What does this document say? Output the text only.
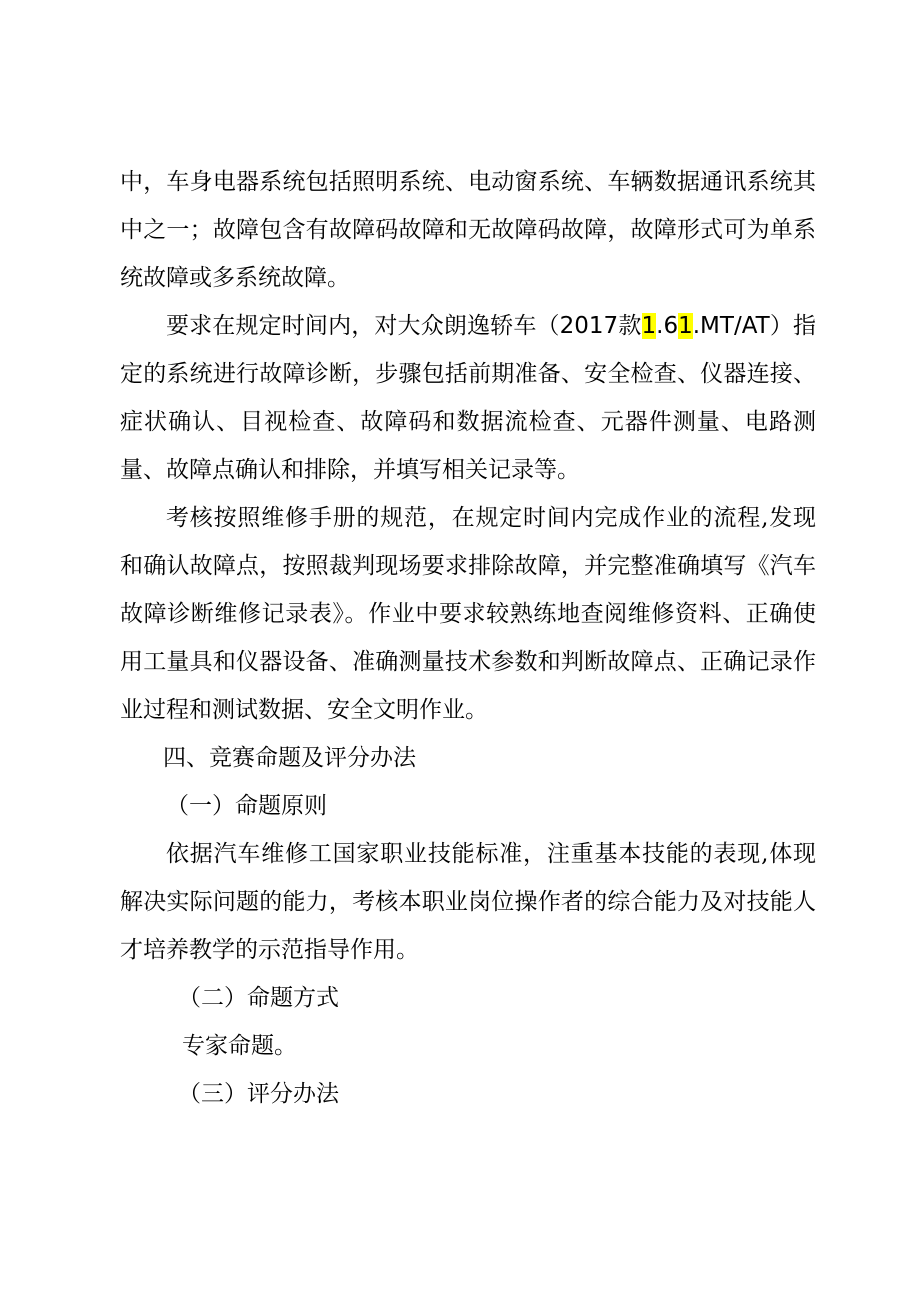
中，车身电器系统包括照明系统、电动窗系统、车辆数据通讯系统其中之一；故障包含有故障码故障和无故障码故障，故障形式可为单系统故障或多系统故障。

要求在规定时间内，对大众朗逸轿车（2017款1.61.MT/AT）指定的系统进行故障诊断，步骤包括前期准备、安全检查、仪器连接、症状确认、目视检查、故障码和数据流检查、元器件测量、电路测量、故障点确认和排除，并填写相关记录等。

考核按照维修手册的规范，在规定时间内完成作业的流程,发现和确认故障点，按照裁判现场要求排除故障，并完整准确填写《汽车故障诊断维修记录表》。作业中要求较熟练地查阅维修资料、正确使用工量具和仪器设备、准确测量技术参数和判断故障点、正确记录作业过程和测试数据、安全文明作业。

四、竞赛命题及评分办法
（一）命题原则

依据汽车维修工国家职业技能标准，注重基本技能的表现,体现解决实际问题的能力，考核本职业岗位操作者的综合能力及对技能人才培养教学的示范指导作用。

（二）命题方式
专家命题。
（三）评分办法
